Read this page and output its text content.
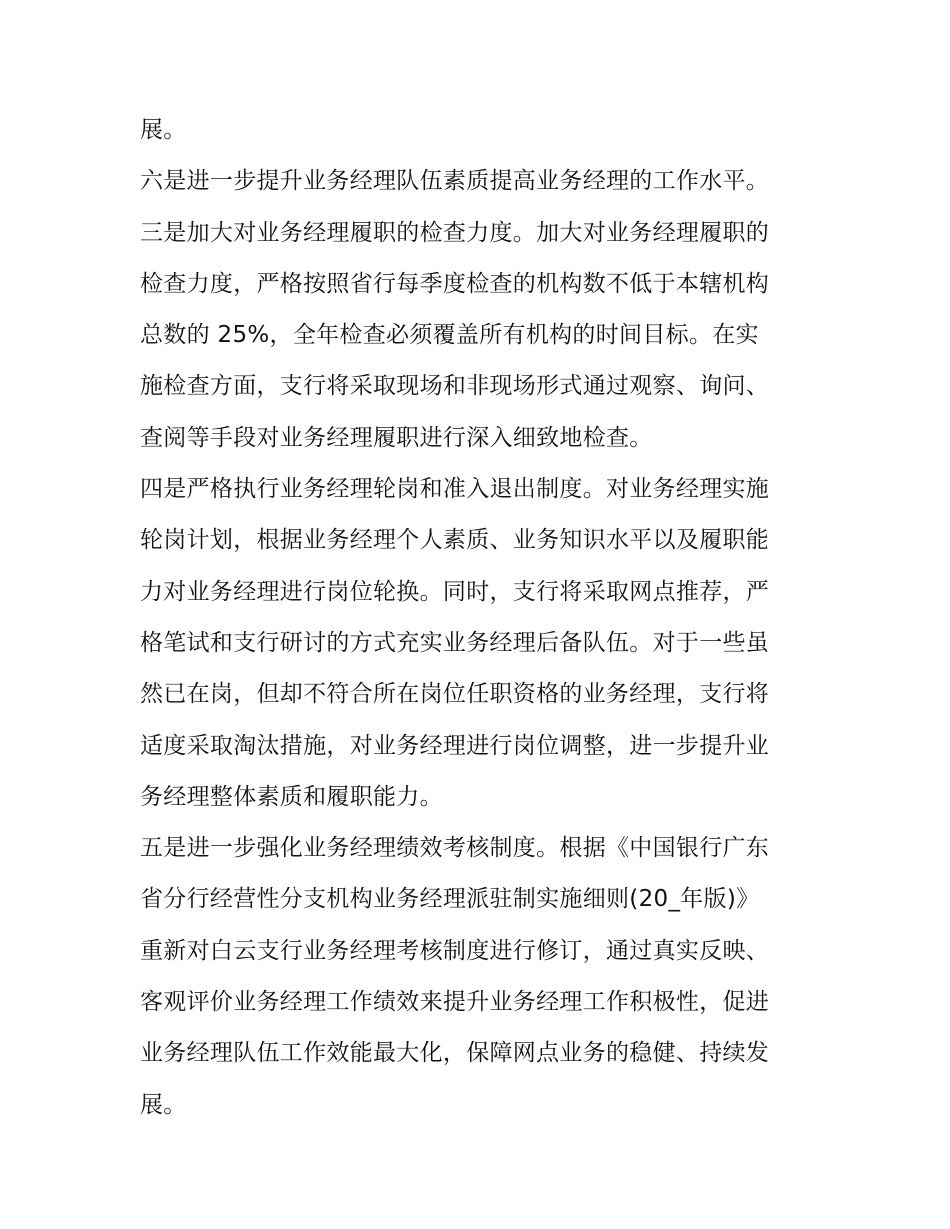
展。
六是进一步提升业务经理队伍素质提高业务经理的工作水平。
三是加大对业务经理履职的检查力度。加大对业务经理履职的
检查力度，严格按照省行每季度检查的机构数不低于本辖机构
总数的 25%，全年检查必须覆盖所有机构的时间目标。在实
施检查方面，支行将采取现场和非现场形式通过观察、询问、
查阅等手段对业务经理履职进行深入细致地检查。
四是严格执行业务经理轮岗和准入退出制度。对业务经理实施
轮岗计划，根据业务经理个人素质、业务知识水平以及履职能
力对业务经理进行岗位轮换。同时，支行将采取网点推荐，严
格笔试和支行研讨的方式充实业务经理后备队伍。对于一些虽
然已在岗，但却不符合所在岗位任职资格的业务经理，支行将
适度采取淘汰措施，对业务经理进行岗位调整，进一步提升业
务经理整体素质和履职能力。
五是进一步强化业务经理绩效考核制度。根据《中国银行广东
省分行经营性分支机构业务经理派驻制实施细则(20_年版)》
重新对白云支行业务经理考核制度进行修订，通过真实反映、
客观评价业务经理工作绩效来提升业务经理工作积极性，促进
业务经理队伍工作效能最大化，保障网点业务的稳健、持续发
展。
